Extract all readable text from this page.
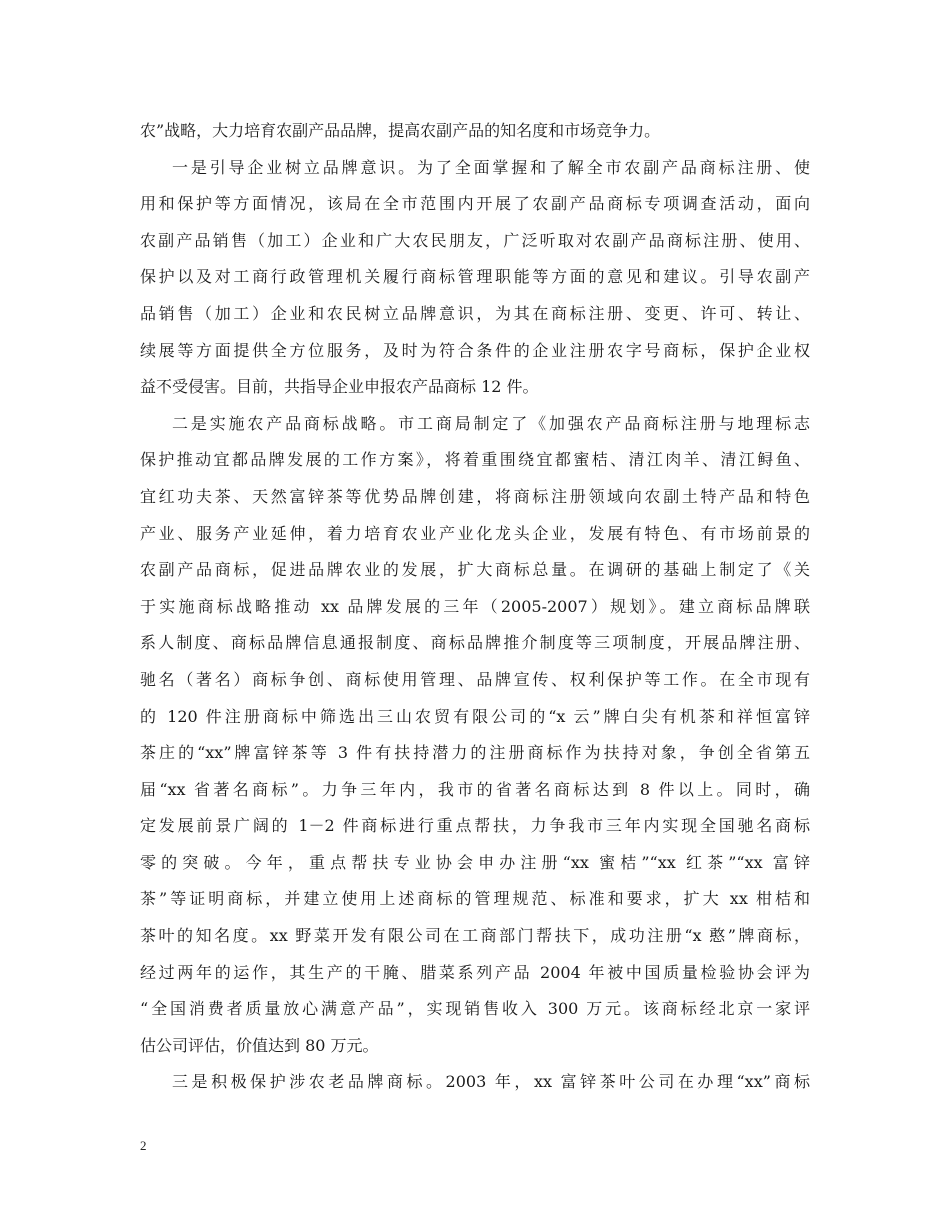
农”战略，大力培育农副产品品牌，提高农副产品的知名度和市场竞争力。
一是引导企业树立品牌意识。为了全面掌握和了解全市农副产品商标注册、使
用和保护等方面情况，该局在全市范围内开展了农副产品商标专项调查活动，面向
农副产品销售（加工）企业和广大农民朋友，广泛听取对农副产品商标注册、使用、
保护以及对工商行政管理机关履行商标管理职能等方面的意见和建议。引导农副产
品销售（加工）企业和农民树立品牌意识，为其在商标注册、变更、许可、转让、
续展等方面提供全方位服务，及时为符合条件的企业注册农字号商标，保护企业权
益不受侵害。目前，共指导企业申报农产品商标 12 件。
二是实施农产品商标战略。市工商局制定了《加强农产品商标注册与地理标志
保护推动宜都品牌发展的工作方案》，将着重围绕宜都蜜桔、清江肉羊、清江鲟鱼、
宜红功夫茶、天然富锌茶等优势品牌创建，将商标注册领域向农副土特产品和特色
产业、服务产业延伸，着力培育农业产业化龙头企业，发展有特色、有市场前景的
农副产品商标，促进品牌农业的发展，扩大商标总量。在调研的基础上制定了《关
于实施商标战略推动 xx 品牌发展的三年（2005-2007）规划》。建立商标品牌联
系人制度、商标品牌信息通报制度、商标品牌推介制度等三项制度，开展品牌注册、
驰名（著名）商标争创、商标使用管理、品牌宣传、权利保护等工作。在全市现有
的 120 件注册商标中筛选出三山农贸有限公司的“x 云”牌白尖有机茶和祥恒富锌
茶庄的“xx”牌富锌茶等 3 件有扶持潜力的注册商标作为扶持对象，争创全省第五
届“xx 省著名商标”。力争三年内，我市的省著名商标达到 8 件以上。同时，确
定发展前景广阔的 1－2 件商标进行重点帮扶，力争我市三年内实现全国驰名商标
零的突破。今年，重点帮扶专业协会申办注册“xx 蜜桔”“xx 红茶”“xx 富锌
茶”等证明商标，并建立使用上述商标的管理规范、标准和要求，扩大 xx 柑桔和
茶叶的知名度。xx 野菜开发有限公司在工商部门帮扶下，成功注册“x 憨”牌商标，
经过两年的运作，其生产的干腌、腊菜系列产品 2004 年被中国质量检验协会评为
“全国消费者质量放心满意产品”，实现销售收入 300 万元。该商标经北京一家评
估公司评估，价值达到 80 万元。
三是积极保护涉农老品牌商标。2003 年，xx 富锌茶叶公司在办理“xx”商标
2
